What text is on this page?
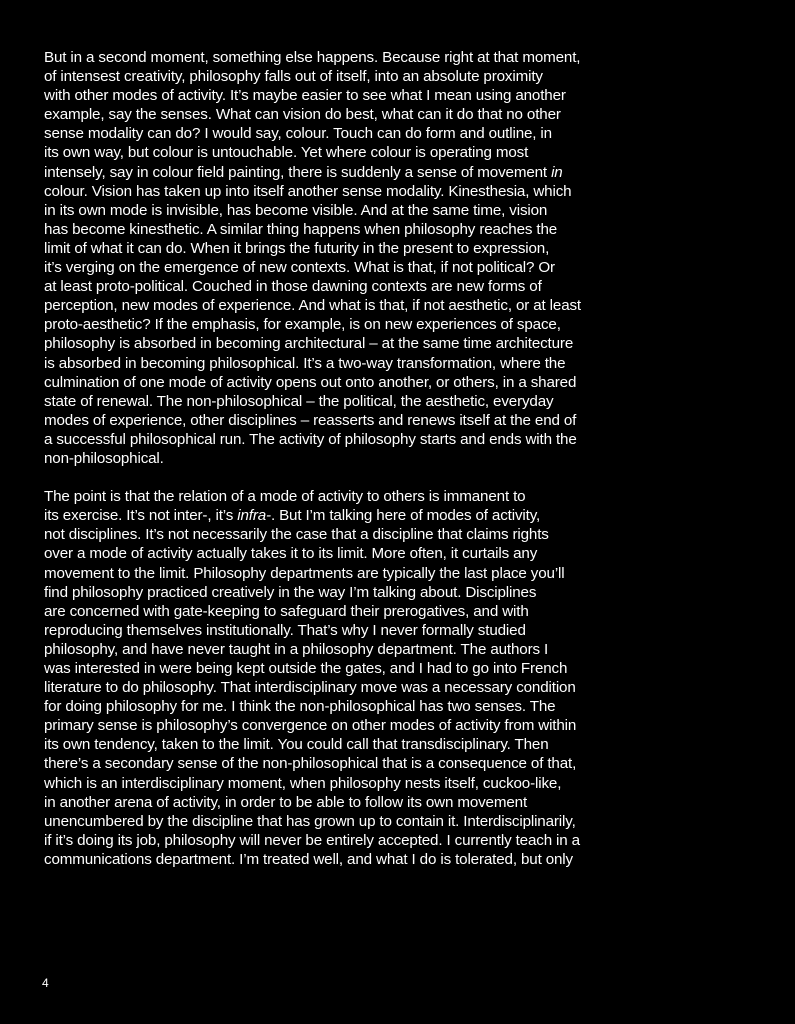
But in a second moment, something else happens. Because right at that moment,
of intensest creativity, philosophy falls out of itself, into an absolute proximity
with other modes of activity. It’s maybe easier to see what I mean using another
example, say the senses. What can vision do best, what can it do that no other
sense modality can do? I would say, colour. Touch can do form and outline, in
its own way, but colour is untouchable. Yet where colour is operating most
intensely, say in colour field painting, there is suddenly a sense of movement in
colour. Vision has taken up into itself another sense modality. Kinesthesia, which
in its own mode is invisible, has become visible. And at the same time, vision
has become kinesthetic. A similar thing happens when philosophy reaches the
limit of what it can do. When it brings the futurity in the present to expression,
it’s verging on the emergence of new contexts. What is that, if not political? Or
at least proto-political. Couched in those dawning contexts are new forms of
perception, new modes of experience. And what is that, if not aesthetic, or at least
proto-aesthetic? If the emphasis, for example, is on new experiences of space,
philosophy is absorbed in becoming architectural – at the same time architecture
is absorbed in becoming philosophical. It’s a two-way transformation, where the
culmination of one mode of activity opens out onto another, or others, in a shared
state of renewal. The non-philosophical – the political, the aesthetic, everyday
modes of experience, other disciplines – reasserts and renews itself at the end of
a successful philosophical run. The activity of philosophy starts and ends with the
non-philosophical.
The point is that the relation of a mode of activity to others is immanent to
its exercise. It’s not inter-, it’s infra-. But I’m talking here of modes of activity,
not disciplines. It’s not necessarily the case that a discipline that claims rights
over a mode of activity actually takes it to its limit. More often, it curtails any
movement to the limit. Philosophy departments are typically the last place you’ll
find philosophy practiced creatively in the way I’m talking about. Disciplines
are concerned with gate-keeping to safeguard their prerogatives, and with
reproducing themselves institutionally. That’s why I never formally studied
philosophy, and have never taught in a philosophy department. The authors I
was interested in were being kept outside the gates, and I had to go into French
literature to do philosophy. That interdisciplinary move was a necessary condition
for doing philosophy for me. I think the non-philosophical has two senses. The
primary sense is philosophy’s convergence on other modes of activity from within
its own tendency, taken to the limit. You could call that transdisciplinary. Then
there’s a secondary sense of the non-philosophical that is a consequence of that,
which is an interdisciplinary moment, when philosophy nests itself, cuckoo-like,
in another arena of activity, in order to be able to follow its own movement
unencumbered by the discipline that has grown up to contain it. Interdisciplinarily,
if it’s doing its job, philosophy will never be entirely accepted. I currently teach in a
communications department. I’m treated well, and what I do is tolerated, but only
4
